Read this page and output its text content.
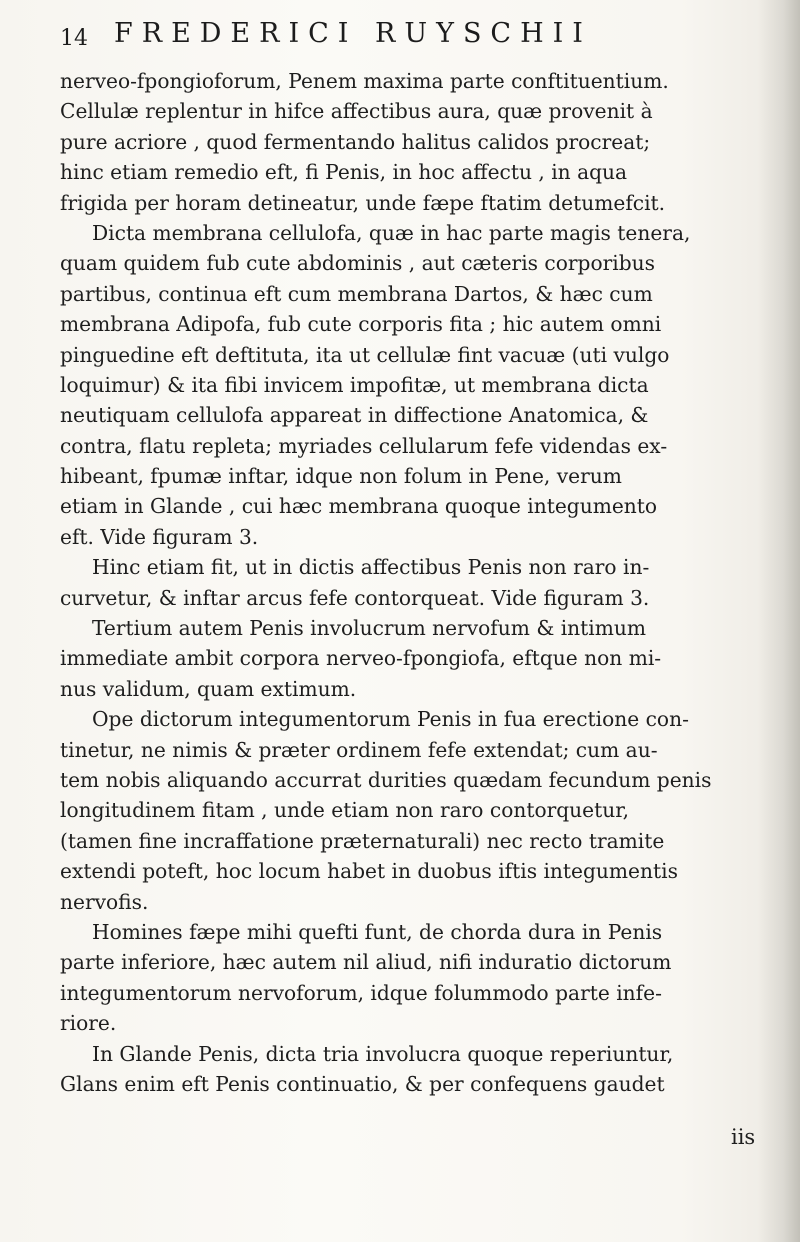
14 FREDERICI RUYSCHII
nerveo-fpongioforum, Penem maxima parte conftituentium.
Cellulæ replentur in hifce affectibus aura, quæ provenit à
pure acriore , quod fermentando halitus calidos procreat;
hinc etiam remedio eft, fi Penis, in hoc affectu , in aqua
frigida per horam detineatur, unde fæpe ftatim detumefcit.
Dicta membrana cellulofa, quæ in hac parte magis tenera,
quam quidem fub cute abdominis , aut cæteris corporibus
partibus, continua eft cum membrana Dartos, & hæc cum
membrana Adipofa, fub cute corporis fita ; hic autem omni
pinguedine eft deftituta, ita ut cellulæ fint vacuæ (uti vulgo
loquimur) & ita fibi invicem impofitæ, ut membrana dicta
neutiquam cellulofa appareat in diffectione Anatomica, &
contra, flatu repleta; myriades cellularum fefe videndas ex-
hibeant, fpumæ inftar, idque non folum in Pene, verum
etiam in Glande , cui hæc membrana quoque integumento
eft. Vide figuram 3.
Hinc etiam fit, ut in dictis affectibus Penis non raro in-
curvetur, & inftar arcus fefe contorqueat. Vide figuram 3.
Tertium autem Penis involucrum nervofum & intimum
immediate ambit corpora nerveo-fpongiofa, eftque non mi-
nus validum, quam extimum.
Ope dictorum integumentorum Penis in fua erectione con-
tinetur, ne nimis & præter ordinem fefe extendat; cum au-
tem nobis aliquando accurrat durities quædam fecundum penis
longitudinem fitam , unde etiam non raro contorquetur,
(tamen fine incraffatione præternaturali) nec recto tramite
extendi poteft, hoc locum habet in duobus iftis integumentis
nervofis.
Homines fæpe mihi quefti funt, de chorda dura in Penis
parte inferiore, hæc autem nil aliud, nifi induratio dictorum
integumentorum nervoforum, idque folummodo parte infe-
riore.
In Glande Penis, dicta tria involucra quoque reperiuntur,
Glans enim eft Penis continuatio, & per confequens gaudet
iis
